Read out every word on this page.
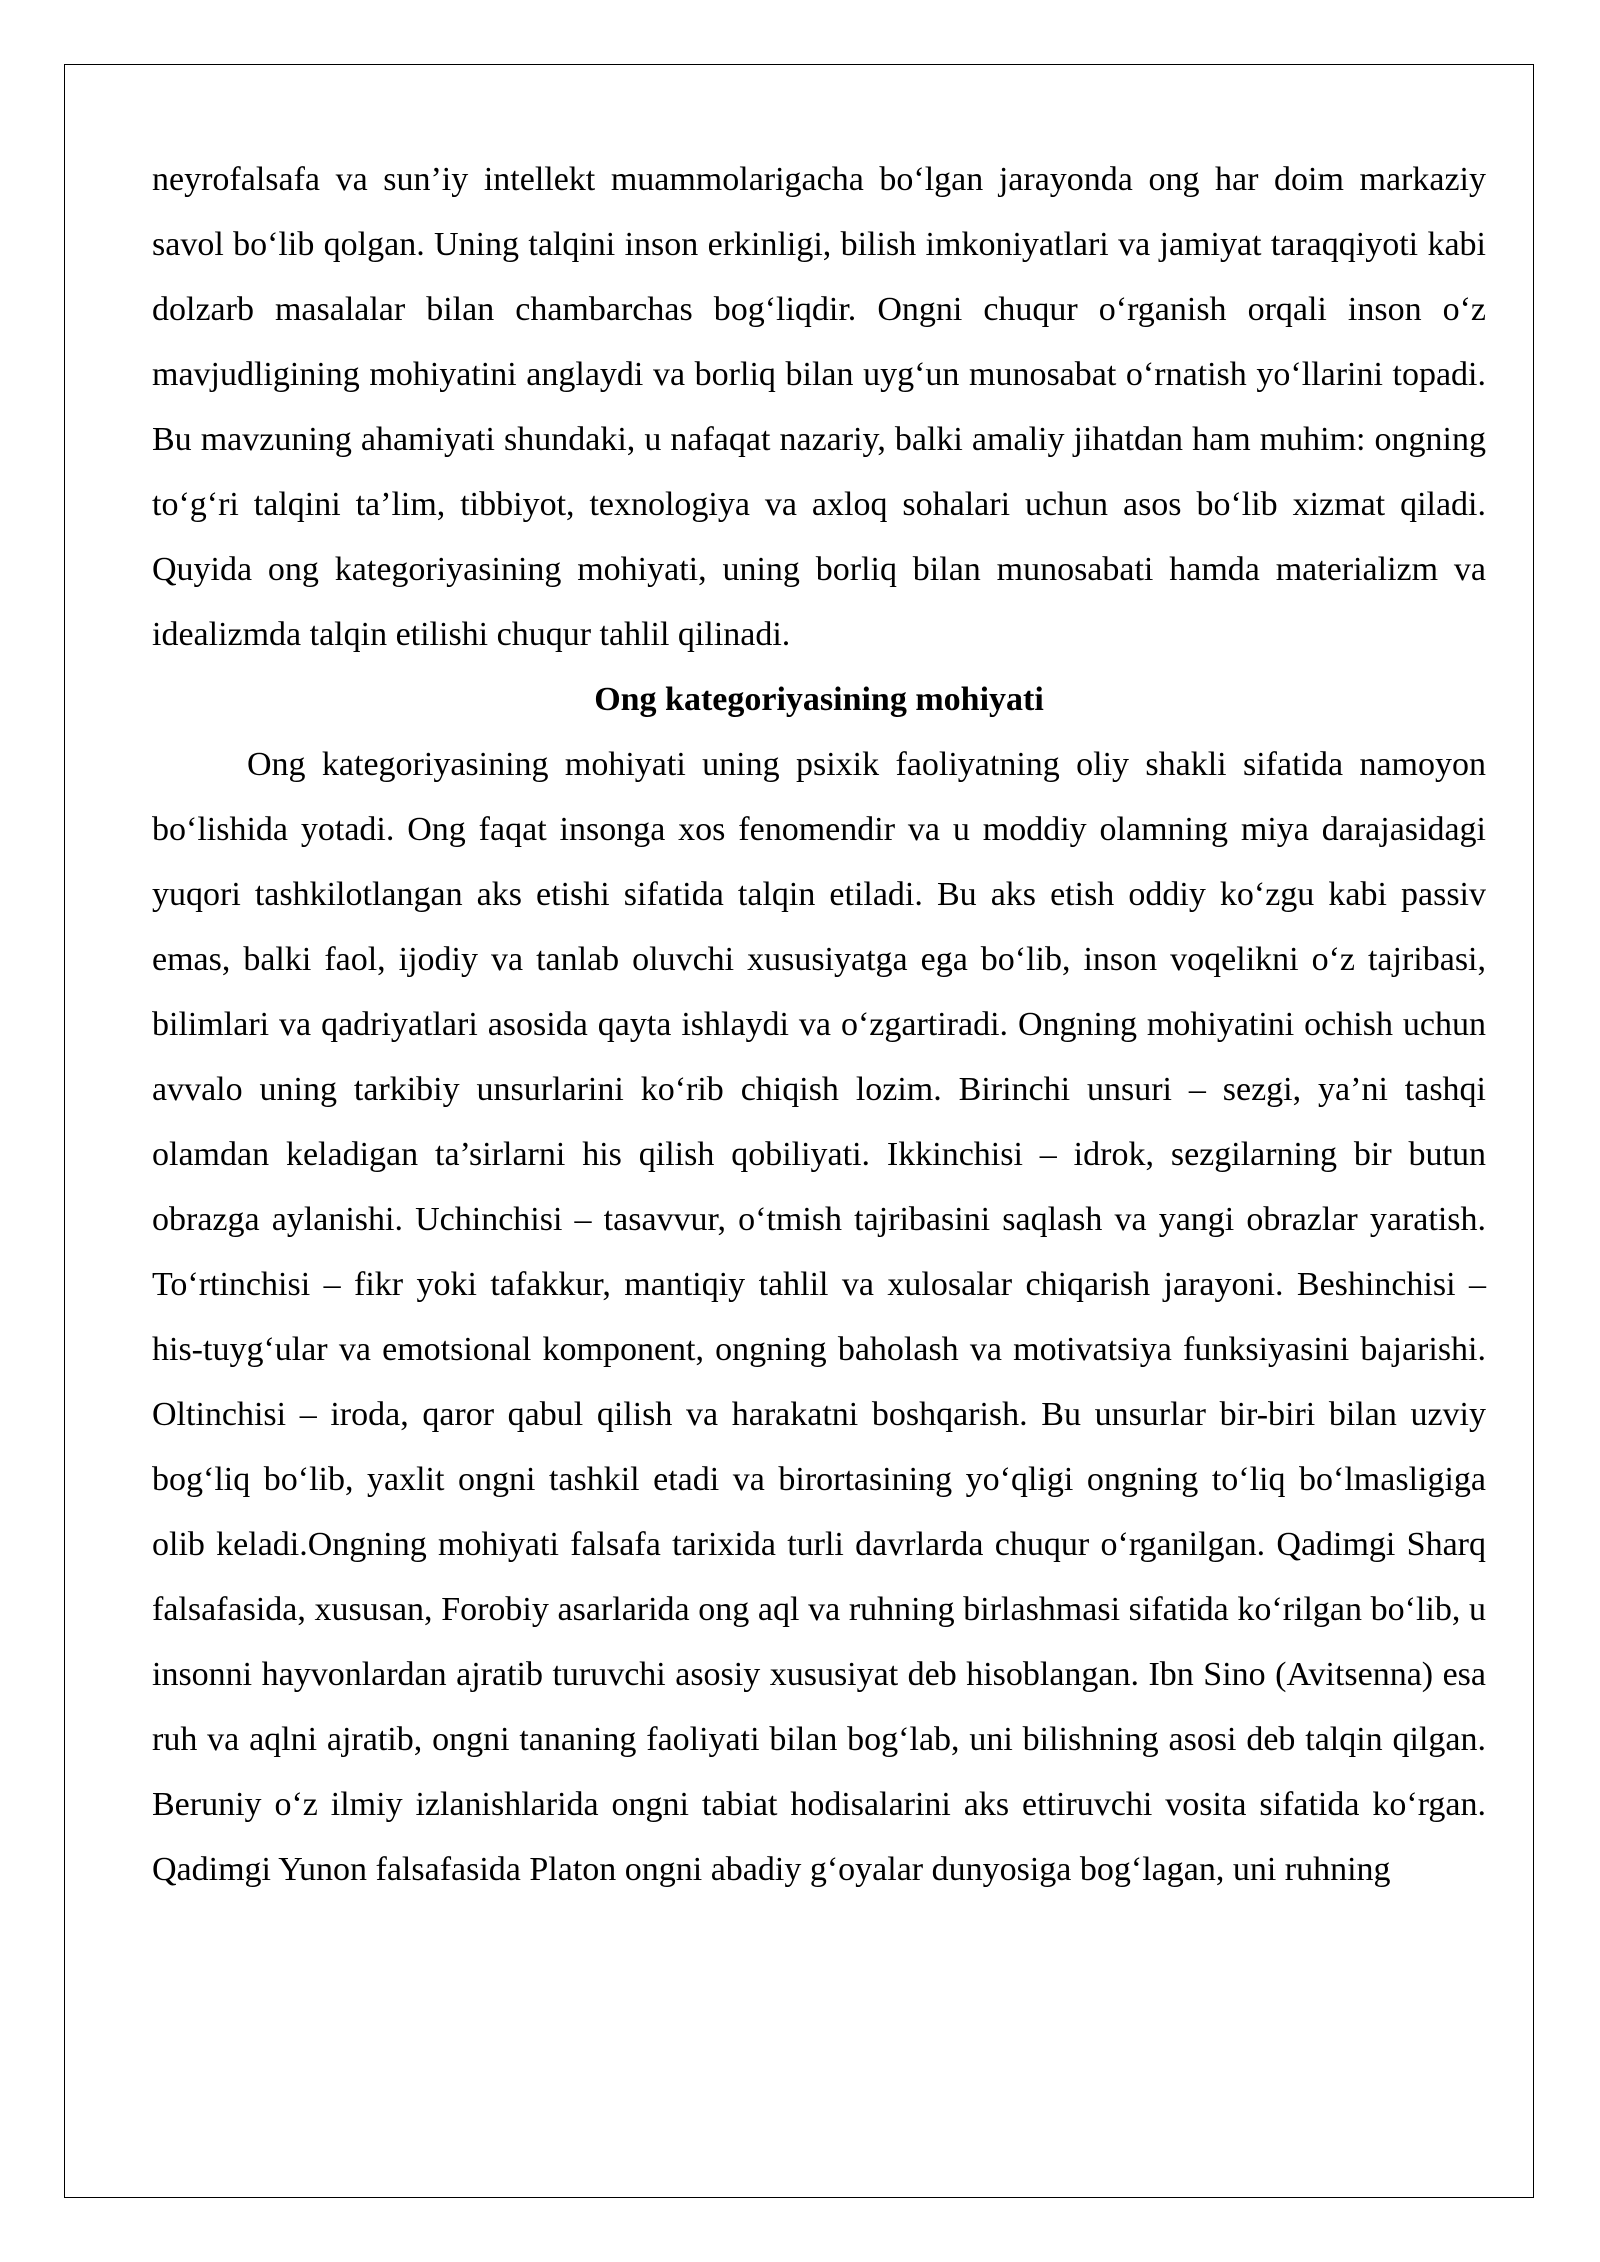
neyrofalsafa va sun’iy intellekt muammolarigacha bo‘lgan jarayonda ong har doim markaziy savol bo‘lib qolgan. Uning talqini inson erkinligi, bilish imkoniyatlari va jamiyat taraqqiyoti kabi dolzarb masalalar bilan chambarchas bog‘liqdir. Ongni chuqur o‘rganish orqali inson o‘z mavjudligining mohiyatini anglaydi va borliq bilan uyg‘un munosabat o‘rnatish yo‘llarini topadi. Bu mavzuning ahamiyati shundaki, u nafaqat nazariy, balki amaliy jihatdan ham muhim: ongning to‘g‘ri talqini ta’lim, tibbiyot, texnologiya va axloq sohalari uchun asos bo‘lib xizmat qiladi. Quyida ong kategoriyasining mohiyati, uning borliq bilan munosabati hamda materializm va idealizmda talqin etilishi chuqur tahlil qilinadi.

Ong kategoriyasining mohiyati

Ong kategoriyasining mohiyati uning psixik faoliyatning oliy shakli sifatida namoyon bo‘lishida yotadi. Ong faqat insonga xos fenomendir va u moddiy olamning miya darajasidagi yuqori tashkilotlangan aks etishi sifatida talqin etiladi. Bu aks etish oddiy ko‘zgu kabi passiv emas, balki faol, ijodiy va tanlab oluvchi xususiyatga ega bo‘lib, inson voqelikni o‘z tajribasi, bilimlari va qadriyatlari asosida qayta ishlaydi va o‘zgartiradi. Ongning mohiyatini ochish uchun avvalo uning tarkibiy unsurlarini ko‘rib chiqish lozim. Birinchi unsuri – sezgi, ya’ni tashqi olamdan keladigan ta’sirlarni his qilish qobiliyati. Ikkinchisi – idrok, sezgilarning bir butun obrazga aylanishi. Uchinchisi – tasavvur, o‘tmish tajribasini saqlash va yangi obrazlar yaratish. To‘rtinchisi – fikr yoki tafakkur, mantiqiy tahlil va xulosalar chiqarish jarayoni. Beshinchisi – his-tuyg‘ular va emotsional komponent, ongning baholash va motivatsiya funksiyasini bajarishi. Oltinchisi – iroda, qaror qabul qilish va harakatni boshqarish. Bu unsurlar bir-biri bilan uzviy bog‘liq bo‘lib, yaxlit ongni tashkil etadi va birortasining yo‘qligi ongning to‘liq bo‘lmasligiga olib keladi.Ongning mohiyati falsafa tarixida turli davrlarda chuqur o‘rganilgan. Qadimgi Sharq falsafasida, xususan, Forobiy asarlarida ong aql va ruhning birlashmasi sifatida ko‘rilgan bo‘lib, u insonni hayvonlardan ajratib turuvchi asosiy xususiyat deb hisoblangan. Ibn Sino (Avitsenna) esa ruh va aqlni ajratib, ongni tananing faoliyati bilan bog‘lab, uni bilishning asosi deb talqin qilgan. Beruniy o‘z ilmiy izlanishlarida ongni tabiat hodisalarini aks ettiruvchi vosita sifatida ko‘rgan. Qadimgi Yunon falsafasida Platon ongni abadiy g‘oyalar dunyosiga bog‘lagan, uni ruhning
